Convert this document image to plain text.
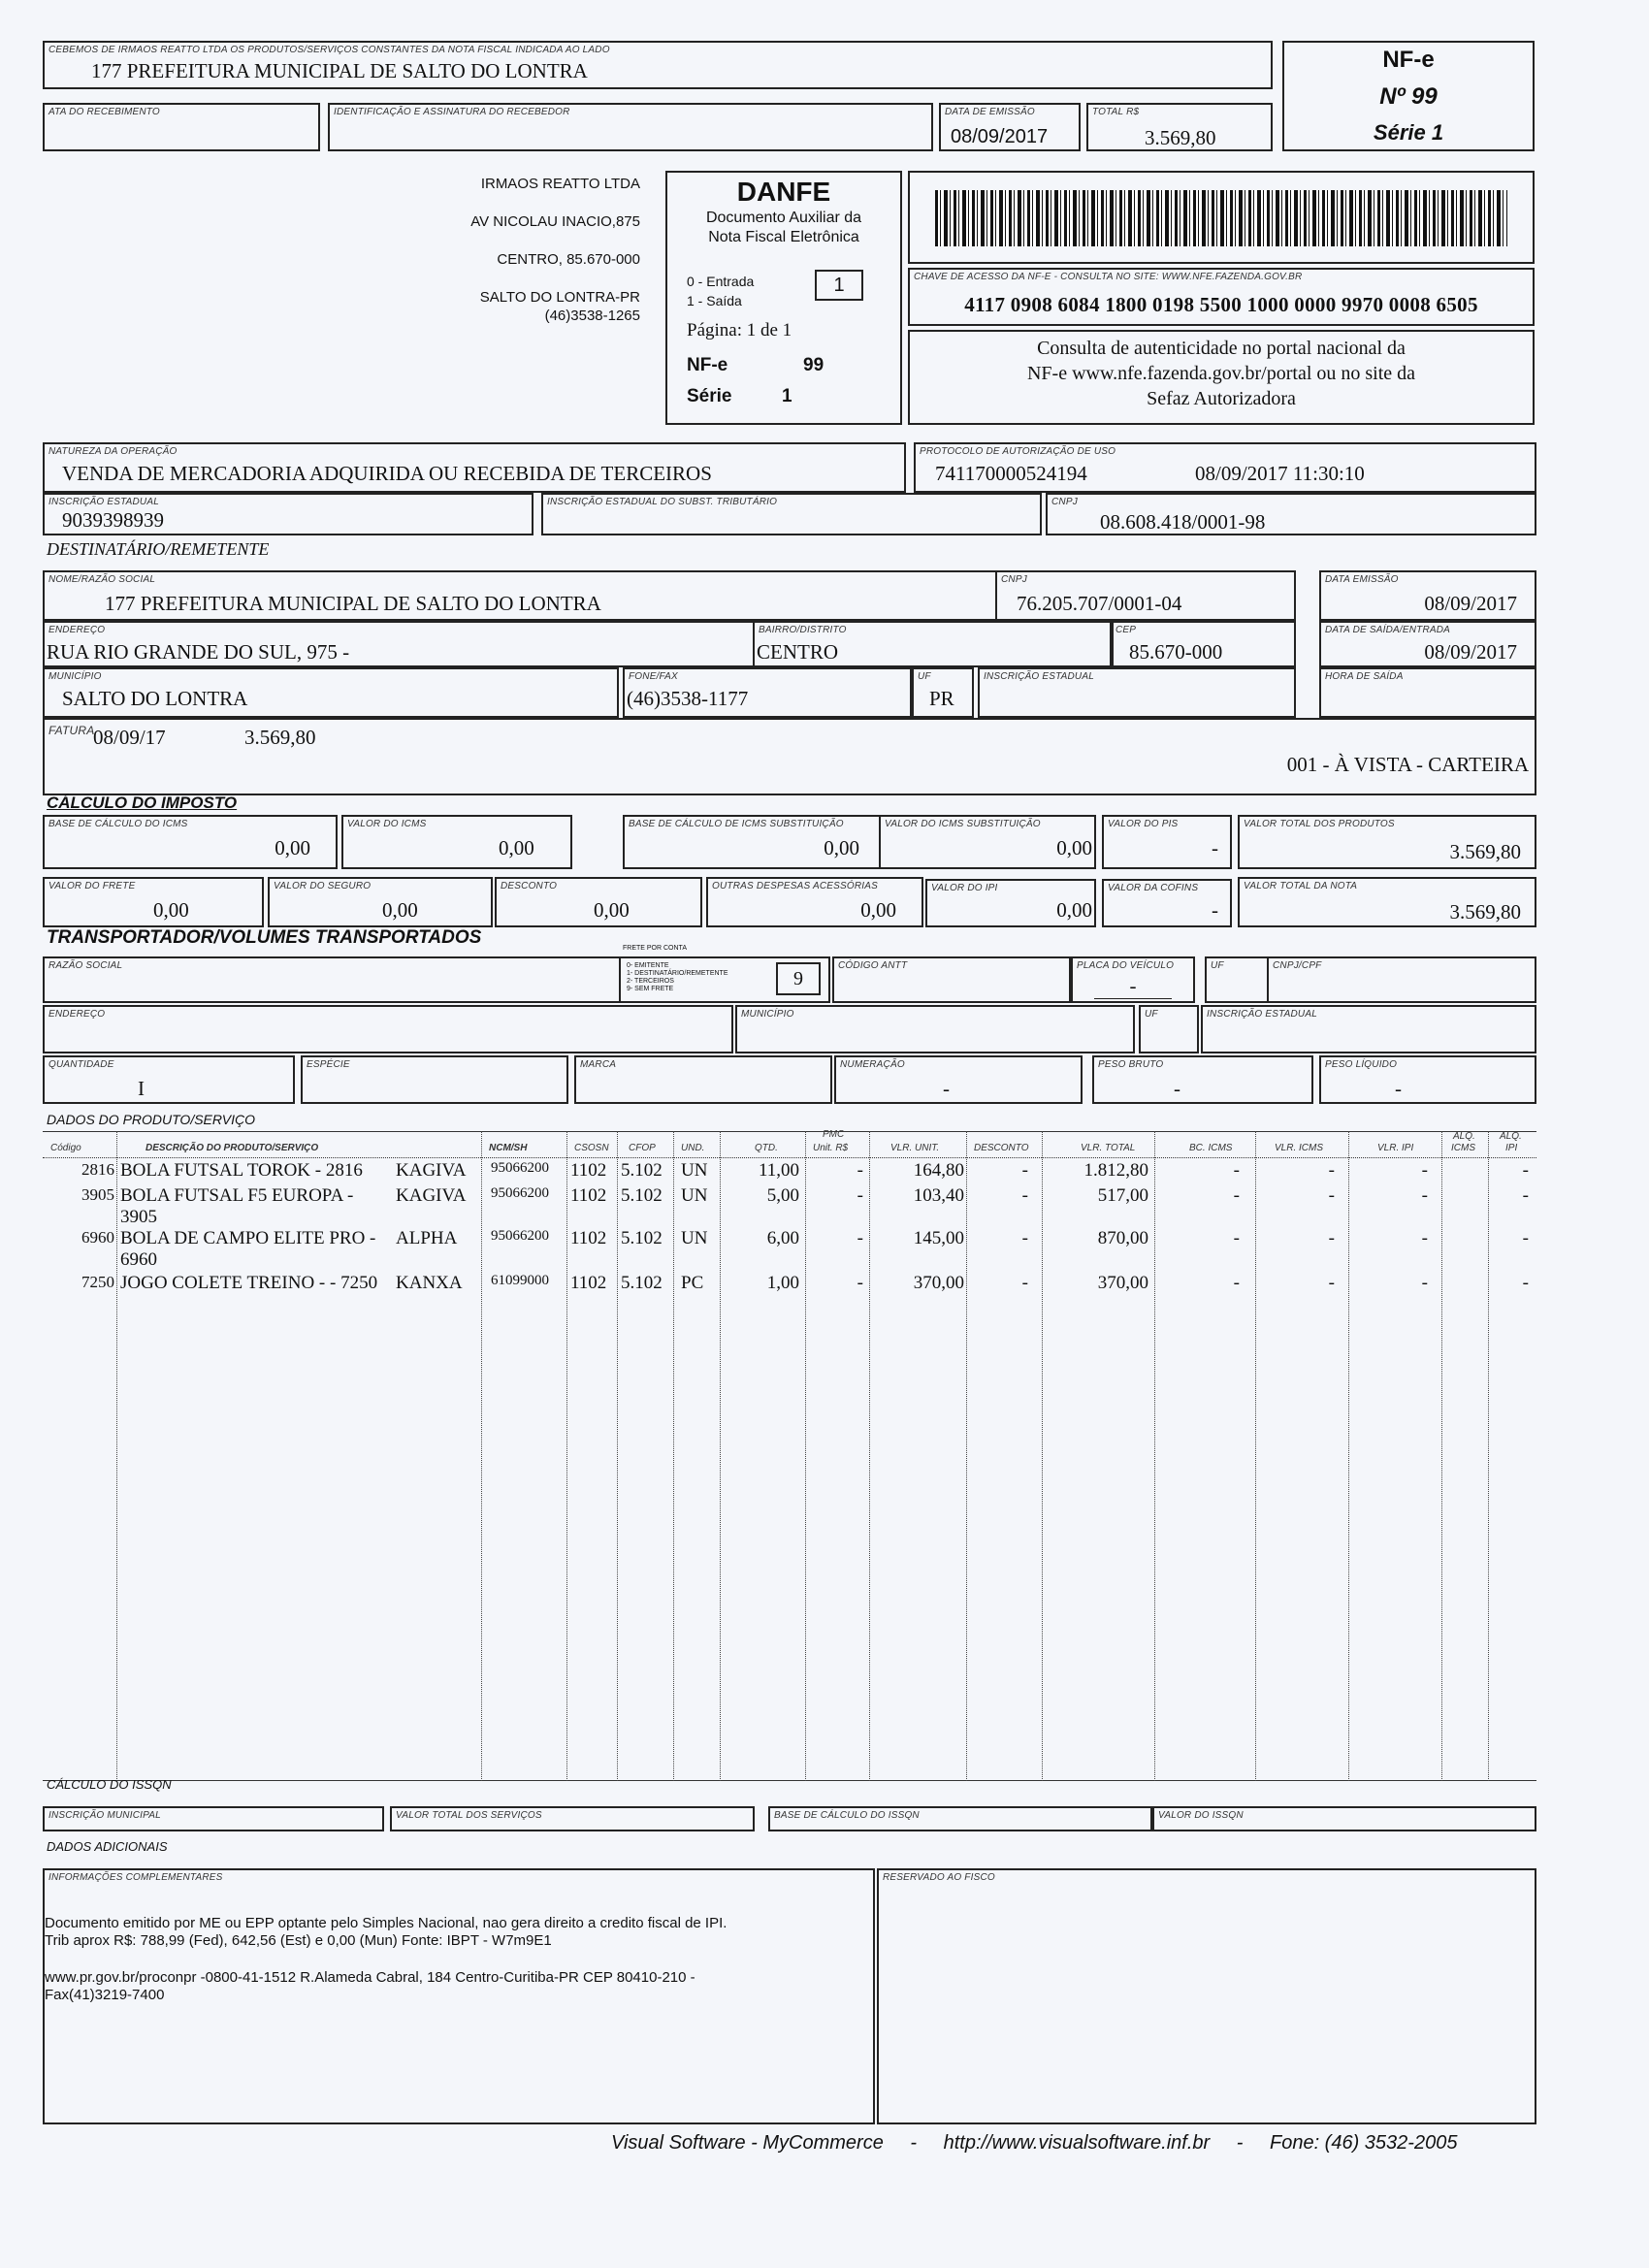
CEBEMOS DE IRMAOS REATTO LTDA OS PRODUTOS/SERVIÇOS CONSTANTES DA NOTA FISCAL INDICADA AO LADO
177 PREFEITURA MUNICIPAL DE SALTO DO LONTRA
ATA DO RECEBIMENTO	IDENTIFICAÇÃO E ASSINATURA DO RECEBEDOR	DATA DE EMISSÃO
08/09/2017
TOTAL R$
3.569,80
NF-e
Nº 99
Série 1
IRMAOS REATTO LTDA
AV NICOLAU INACIO,875
CENTRO, 85.670-000
SALTO DO LONTRA-PR
(46)3538-1265
DANFE
Documento Auxiliar da
Nota Fiscal Eletrônica
0 - Entrada
1 - Saída
1
Página: 1 de 1
NF-e	99
Série	1
CHAVE DE ACESSO DA NF-E - CONSULTA NO SITE: WWW.NFE.FAZENDA.GOV.BR
4117 0908 6084 1800 0198 5500 1000 0000 9970 0008 6505
Consulta de autenticidade no portal nacional da
NF-e www.nfe.fazenda.gov.br/portal ou no site da
Sefaz Autorizadora
NATUREZA DA OPERAÇÃO
VENDA DE MERCADORIA ADQUIRIDA OU RECEBIDA DE TERCEIROS
PROTOCOLO DE AUTORIZAÇÃO DE USO
741170000524194	08/09/2017 11:30:10
INSCRIÇÃO ESTADUAL
9039398939
INSCRIÇÃO ESTADUAL DO SUBST. TRIBUTÁRIO	CNPJ
08.608.418/0001-98
DESTINATÁRIO/REMETENTE
NOME/RAZÃO SOCIAL
177 PREFEITURA MUNICIPAL DE SALTO DO LONTRA
CNPJ
76.205.707/0001-04
DATA EMISSÃO
08/09/2017
ENDEREÇO
RUA RIO GRANDE DO SUL, 975 -
BAIRRO/DISTRITO
CENTRO
CEP
85.670-000
DATA DE SAÍDA/ENTRADA
08/09/2017
MUNICÍPIO
SALTO DO LONTRA
FONE/FAX
(46)3538-1177
UF
PR
INSCRIÇÃO ESTADUAL	HORA DE SAÍDA
FATURA
08/09/17	3.569,80
001 - À VISTA - CARTEIRA
CÁLCULO DO IMPOSTO
BASE DE CÁLCULO DO ICMS
0,00
VALOR DO ICMS
0,00
BASE DE CÁLCULO DE ICMS SUBSTITUIÇÃO
0,00
VALOR DO ICMS SUBSTITUIÇÃO
0,00
VALOR DO PIS
-
VALOR TOTAL DOS PRODUTOS
3.569,80
VALOR DO FRETE
0,00
VALOR DO SEGURO
0,00
DESCONTO
0,00
OUTRAS DESPESAS ACESSÓRIAS
0,00
VALOR DO IPI
0,00
VALOR DA COFINS
-
VALOR TOTAL DA NOTA
3.569,80
TRANSPORTADOR/VOLUMES TRANSPORTADOS
FRETE POR CONTA
RAZÃO SOCIAL	0- EMITENTE
1- DESTINATÁRIO/REMETENTE
2- TERCEIROS
9- SEM FRETE	9
CÓDIGO ANTT	PLACA DO VEÍCULO
-
UF	CNPJ/CPF
ENDEREÇO	MUNICÍPIO	UF	INSCRIÇÃO ESTADUAL
QUANTIDADE
I
ESPÉCIE	MARCA	NUMERAÇÃO
-
PESO BRUTO
-
PESO LÍQUIDO
-
DADOS DO PRODUTO/SERVIÇO
Código	DESCRIÇÃO DO PRODUTO/SERVIÇO	NCM/SH	CSOSN CFOP	UND.	QTD.
PMC
Unit. R$	VLR. UNIT.	DESCONTO	VLR. TOTAL	BC. ICMS	VLR. ICMS	VLR. IPI
ALQ.
ICMS
ALQ.
IPI
2816 BOLA FUTSAL TOROK - 2816	KAGIVA	95066200	1102 5.102	UN	11,00	-	164,80	-	1.812,80	-	-	-	-
3905 BOLA FUTSAL F5 EUROPA -	KAGIVA	95066200	1102 5.102	UN	5,00	-	103,40	-	517,00	-	-	-	-
3905
6960 BOLA DE CAMPO ELITE PRO -	ALPHA	95066200	1102 5.102	UN	6,00	-	145,00	-	870,00	-	-	-	-
6960
7250 JOGO COLETE TREINO - - 7250 KANXA	61099000	1102 5.102	PC	1,00	-	370,00	-	370,00	-	-	-	-
CÁLCULO DO ISSQN
INSCRIÇÃO MUNICIPAL	VALOR TOTAL DOS SERVIÇOS	BASE DE CÁLCULO DO ISSQN	VALOR DO ISSQN
DADOS ADICIONAIS
INFORMAÇÕES COMPLEMENTARES
Documento emitido por ME ou EPP optante pelo Simples Nacional, nao gera direito a credito fiscal de IPI.
Trib aprox R$: 788,99 (Fed), 642,56 (Est) e 0,00 (Mun) Fonte: IBPT - W7m9E1
www.pr.gov.br/proconpr -0800-41-1512 R.Alameda Cabral, 184 Centro-Curitiba-PR CEP 80410-210 -
Fax(41)3219-7400
RESERVADO AO FISCO
Visual Software - MyCommerce - http://www.visualsoftware.inf.br - Fone: (46) 3532-2005
